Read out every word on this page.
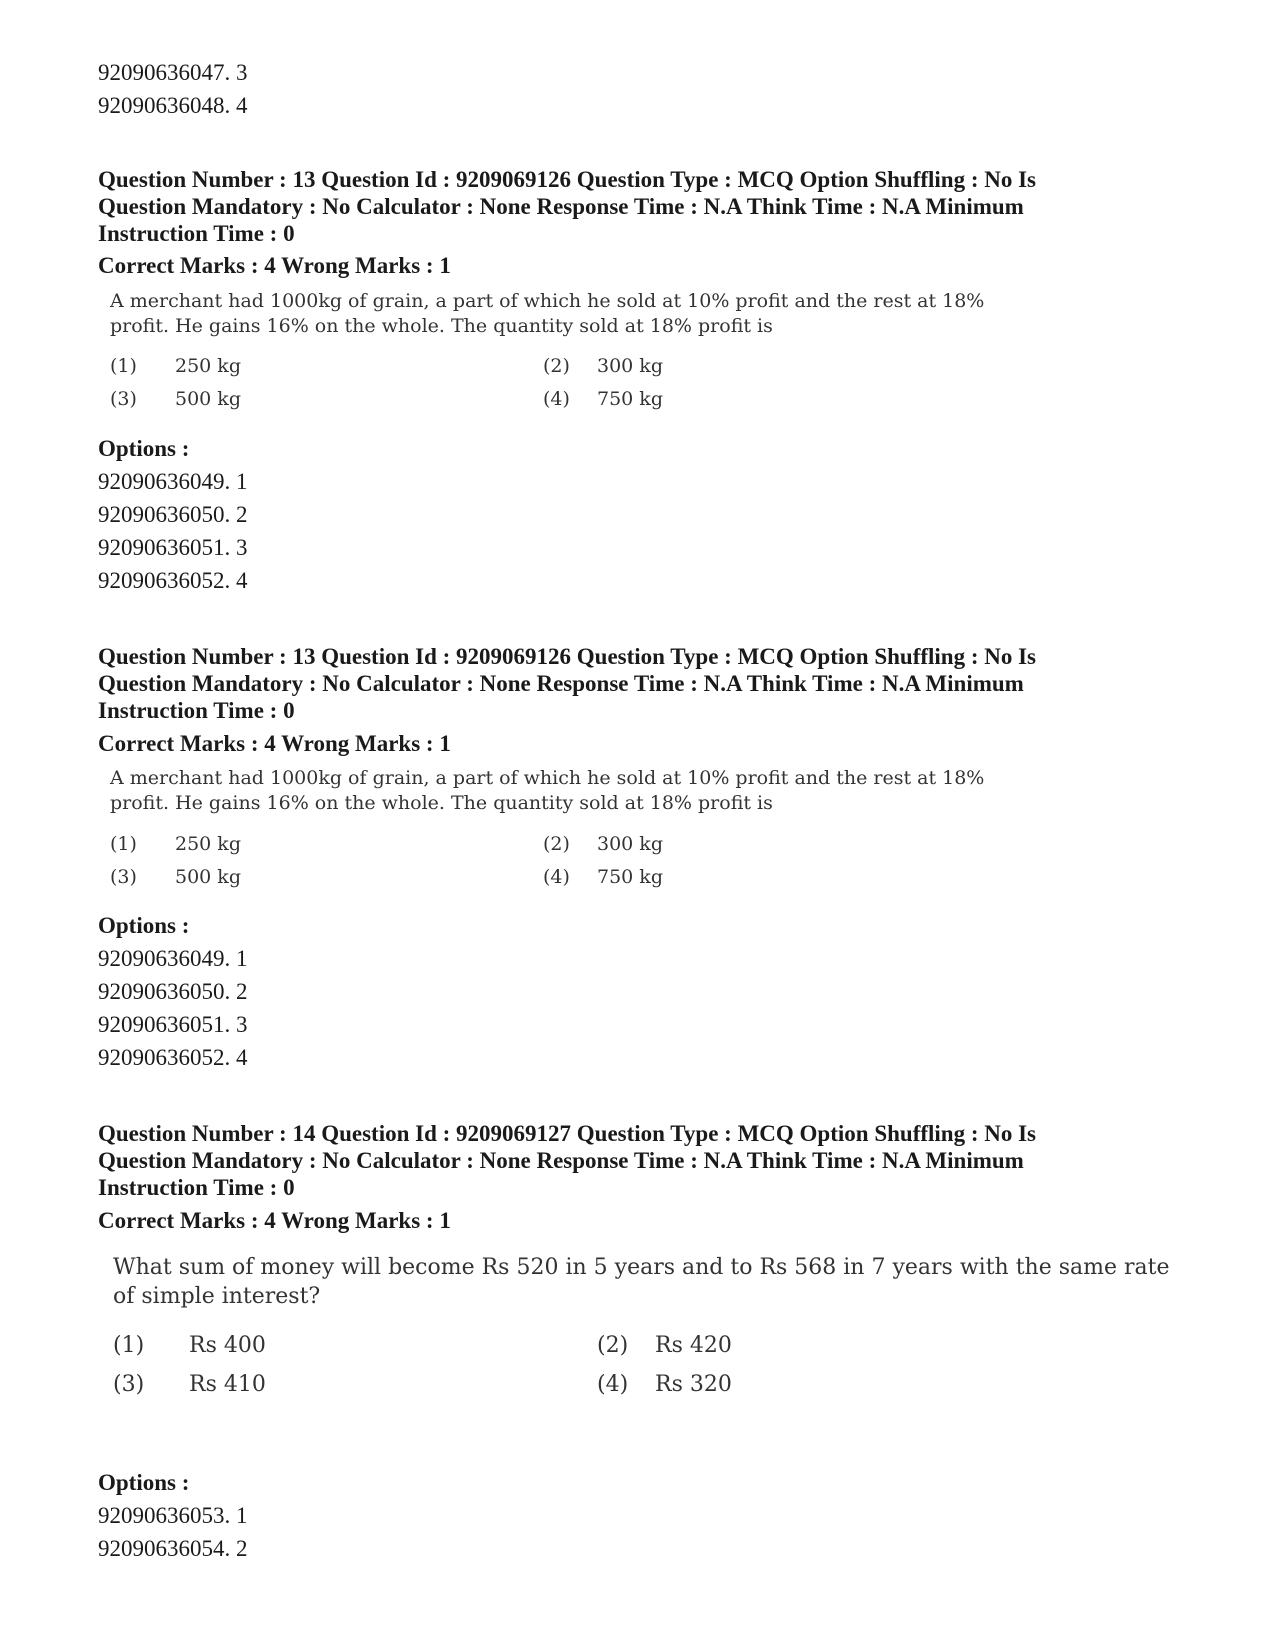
92090636047. 3
92090636048. 4
Question Number : 13 Question Id : 9209069126 Question Type : MCQ Option Shuffling : No Is
Question Mandatory : No Calculator : None Response Time : N.A Think Time : N.A Minimum
Instruction Time : 0
Correct Marks : 4 Wrong Marks : 1
A merchant had 1000kg of grain, a part of which he sold at 10% profit and the rest at 18%
profit. He gains 16% on the whole. The quantity sold at 18% profit is
(1) 250 kg	(2) 300 kg
(3) 500 kg	(4) 750 kg
Options :
92090636049. 1
92090636050. 2
92090636051. 3
92090636052. 4
Question Number : 13 Question Id : 9209069126 Question Type : MCQ Option Shuffling : No Is
Question Mandatory : No Calculator : None Response Time : N.A Think Time : N.A Minimum
Instruction Time : 0
Correct Marks : 4 Wrong Marks : 1
A merchant had 1000kg of grain, a part of which he sold at 10% profit and the rest at 18%
profit. He gains 16% on the whole. The quantity sold at 18% profit is
(1) 250 kg	(2) 300 kg
(3) 500 kg	(4) 750 kg
Options :
92090636049. 1
92090636050. 2
92090636051. 3
92090636052. 4
Question Number : 14 Question Id : 9209069127 Question Type : MCQ Option Shuffling : No Is
Question Mandatory : No Calculator : None Response Time : N.A Think Time : N.A Minimum
Instruction Time : 0
Correct Marks : 4 Wrong Marks : 1
What sum of money will become Rs 520 in 5 years and to Rs 568 in 7 years with the same rate
of simple interest?
(1) Rs 400	(2) Rs 420
(3) Rs 410	(4) Rs 320
Options :
92090636053. 1
92090636054. 2
